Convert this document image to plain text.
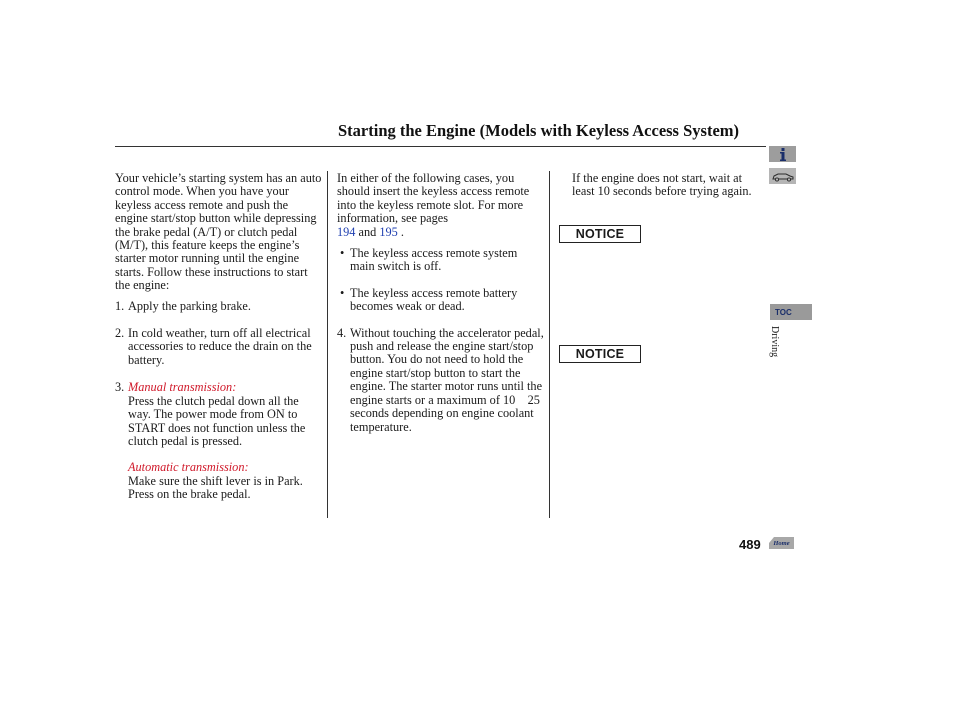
Starting the Engine (Models with Keyless Access System)

Your vehicle’s starting system has an auto control mode. When you have your keyless access remote and push the engine start/stop button while depressing the brake pedal (A/T) or clutch pedal (M/T), this feature keeps the engine’s starter motor running until the engine starts. Follow these instructions to start the engine:

1. Apply the parking brake.
2. In cold weather, turn off all electrical accessories to reduce the drain on the battery.
3. Manual transmission:

Press the clutch pedal down all the way. The power mode from ON to START does not function unless the clutch pedal is pressed.

Automatic transmission:

Make sure the shift lever is in Park. Press on the brake pedal.

In either of the following cases, you should insert the keyless access remote into the keyless remote slot. For more information, see pages
194 and 195 .

• The keyless access remote system main switch is off.
• The keyless access remote battery becomes weak or dead.
4. Without touching the accelerator pedal, push and release the engine start/stop button. You do not need to hold the engine start/stop button to start the engine. The starter motor runs until the engine starts or a maximum of 10    25 seconds depending on engine coolant temperature.

If the engine does not start, wait at least 10 seconds before trying again.

NOTICE
NOTICE
TOC
Driving
489 Home
